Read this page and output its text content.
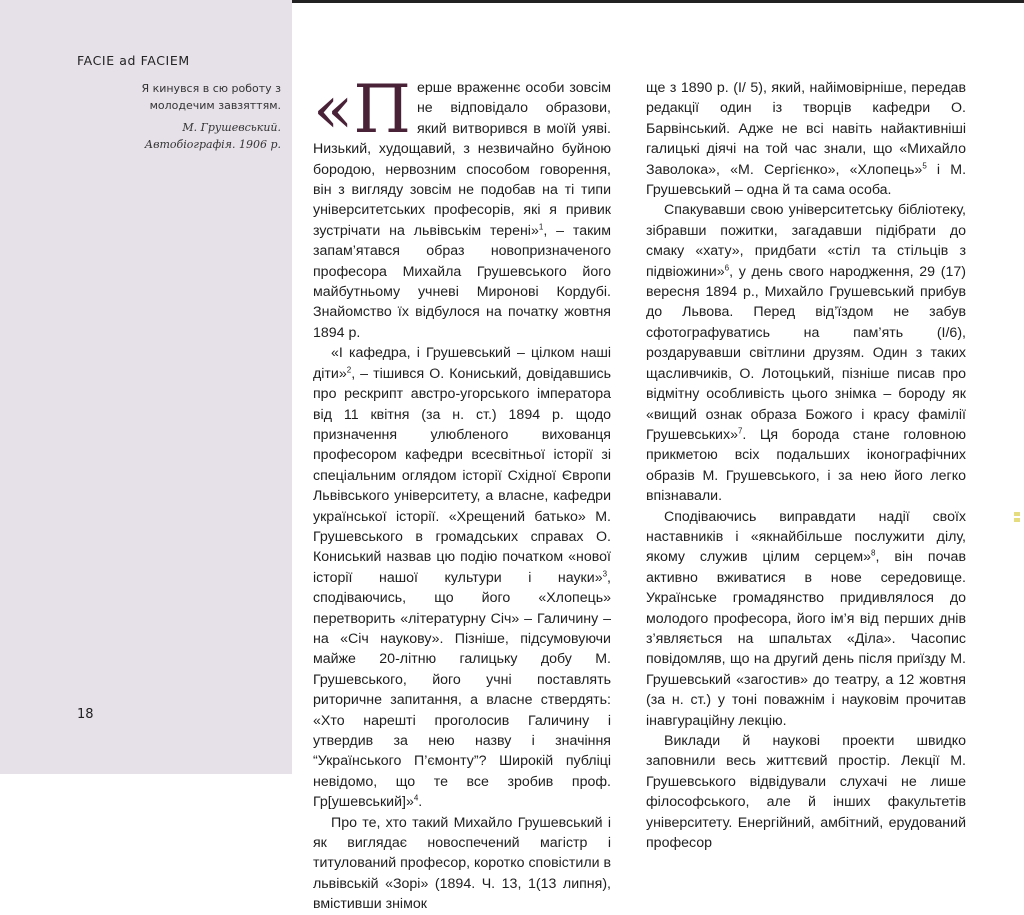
FACIE ad FACIEM
Я кинувся в сю роботу з молодечим завзяттям.
М. Грушевський.
Автобіографія. 1906 р.
18

«Перше враженнє особи зовсім не відповідало образови, який витворився в моїй уяві. Низький, худощавий, з незвичайно буйною бородою, нервозним способом говорення, він з вигляду зовсім не подобав на ті типи університетських професорів, які я привик зустрічати на львівськім терені»$^1$, – таким запам’ятався образ новопризначеного професора Михайла Грушевського його майбутньому учневі Миронові Кордубі. Знайомство їх відбулося на початку жовтня 1894 р.

«І кафедра, і Грушевський – цілком наші діти»$^2$, – тішився О. Кониський, довідавшись про рескрипт австро-угорського імператора від 11 квітня (за н. ст.) 1894 р. щодо призначення улюбленого вихованця професором кафедри всесвітньої історії зі спеціальним оглядом історії Східної Європи Львівського університету, а власне, кафедри української історії. «Хрещений батько» М. Грушевського в громадських справах О. Кониський назвав цю подію початком «нової історії нашої культури і науки»$^3$, сподіваючись, що його «Хлопець» перетворить «літературну Січ» – Галичину – на «Січ наукову». Пізніше, підсумовуючи майже 20-літню галицьку добу М. Грушевського, його учні поставлять риторичне запитання, а власне ствердять: «Хто нарешті проголосив Галичину і утвердив за нею назву і значіння “Українського П’ємонту”? Широкій публіці невідомо, що те все зробив проф. Гр[ушевський]»$^4$.

Про те, хто такий Михайло Грушевський і як виглядає новоспечений магістр і титулований професор, коротко сповістили в львівській «Зорі» (1894. Ч. 13, 1(13 липня), вмістивши знімок

ще з 1890 р. (І/ 5), який, найімовірніше, передав редакції один із творців кафедри О. Барвінський. Адже не всі навіть найактивніші галицькі діячі на той час знали, що «Михайло Заволока», «М. Сергієнко», «Хлопець»$^5$ і М. Грушевський – одна й та сама особа.

Спакувавши свою університетську бібліотеку, зібравши пожитки, загадавши підібрати до смаку «хату», придбати «стіл та стільців з підвіожини»$^6$, у день свого народження, 29 (17) вересня 1894 р., Михайло Грушевський прибув до Львова. Перед від’їздом не забув сфотографуватись на пам’ять (І/6), роздарувавши світлини друзям. Один з таких щасливчиків, О. Лотоцький, пізніше писав про відмітну особливість цього знімка – бороду як «вищий ознак образа Божого і красу фамілії Грушевських»$^7$. Ця борода стане головною прикметою всіх подальших іконографічних образів М. Грушевського, і за нею його легко впізнавали.

Сподіваючись виправдати надії своїх наставників і «якнайбільше послужити ділу, якому служив цілим серцем»$^8$, він почав активно вживатися в нове середовище. Українське громадянство придивлялося до молодого професора, його ім’я від перших днів з’являється на шпальтах «Діла». Часопис повідомляв, що на другий день після приїзду М. Грушевський «загостив» до театру, а 12 жовтня (за н. ст.) у тоні поважнім і науковім прочитав інавгураційну лекцію.

Виклади й наукові проекти швидко заповнили весь життєвий простір. Лекції М. Грушевського відвідували слухачі не лише філософського, але й інших факультетів університету. Енергійний, амбітний, ерудований професор
